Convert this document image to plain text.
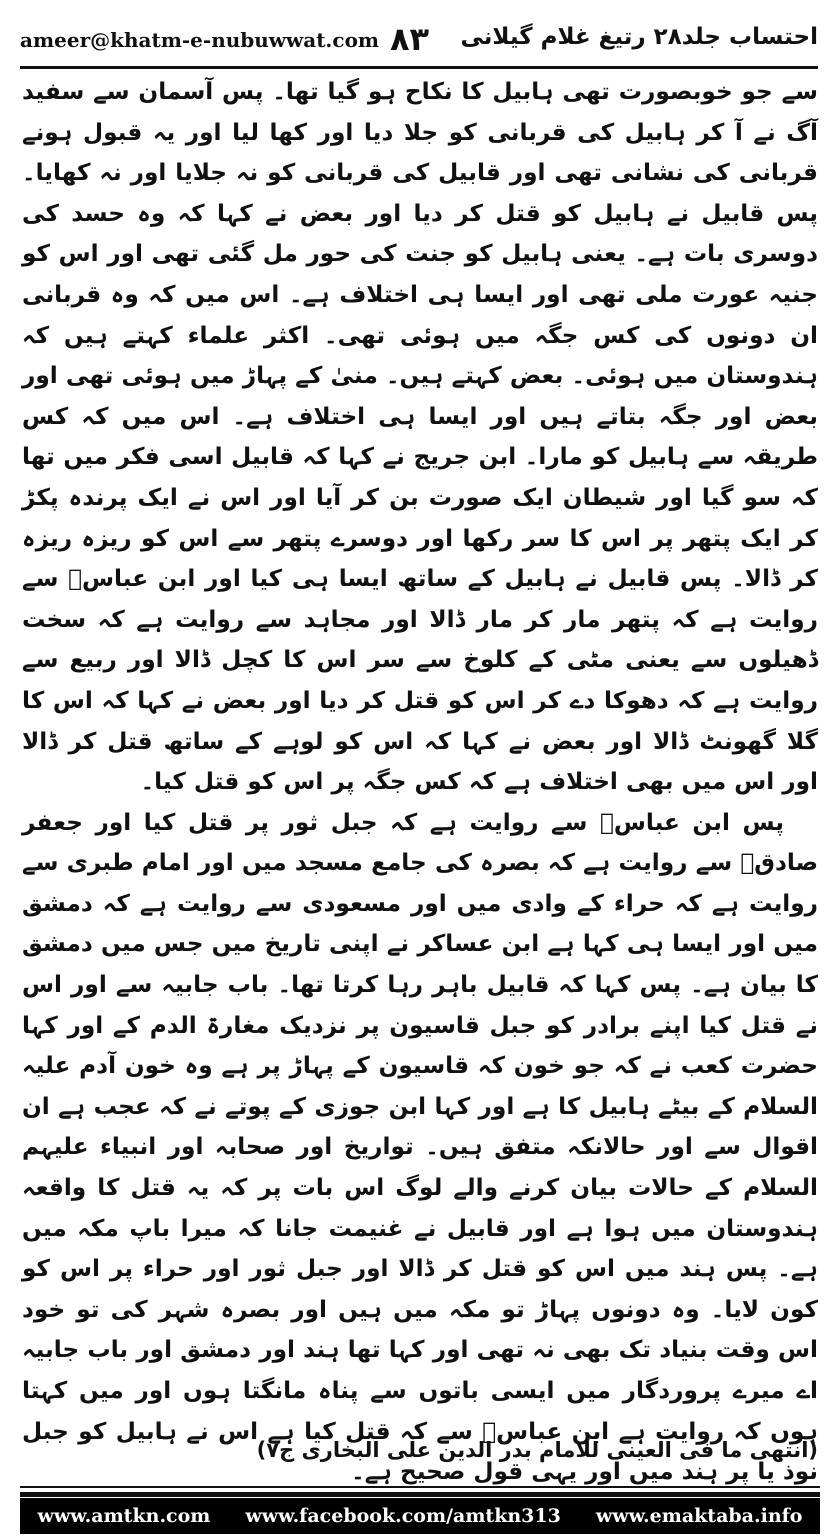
ameer@khatm-e-nubuwwat.com ۸۳ احتساب جلد۲۸ رتیغ غلام گیلانی

سے جو خوبصورت تھی ہابیل کا نکاح ہو گیا تھا۔ پس آسمان سے سفید آگ نے آ کر ہابیل کی قربانی کو جلا دیا اور کھا لیا اور یہ قبول ہونے قربانی کی نشانی تھی اور قابیل کی قربانی کو نہ جلایا اور نہ کھایا۔ پس قابیل نے ہابیل کو قتل کر دیا اور بعض نے کہا کہ وہ حسد کی دوسری بات ہے۔ یعنی ہابیل کو جنت کی حور مل گئی تھی اور اس کو جنیہ عورت ملی تھی اور ایسا ہی اختلاف ہے۔ اس میں کہ وہ قربانی ان دونوں کی کس جگہ میں ہوئی تھی۔ اکثر علماء کہتے ہیں کہ ہندوستان میں ہوئی۔ بعض کہتے ہیں۔ منیٰ کے پہاڑ میں ہوئی تھی اور بعض اور جگہ بتاتے ہیں اور ایسا ہی اختلاف ہے۔ اس میں کہ کس طریقہ سے ہابیل کو مارا۔ ابن جریج نے کہا کہ قابیل اسی فکر میں تھا کہ سو گیا اور شیطان ایک صورت بن کر آیا اور اس نے ایک پرندہ پکڑ کر ایک پتھر پر اس کا سر رکھا اور دوسرے پتھر سے اس کو ریزہ ریزہ کر ڈالا۔ پس قابیل نے ہابیل کے ساتھ ایسا ہی کیا اور ابن عباسؓ سے روایت ہے کہ پتھر مار کر مار ڈالا اور مجاہد سے روایت ہے کہ سخت ڈھیلوں سے یعنی مٹی کے کلوخ سے سر اس کا کچل ڈالا اور ربیع سے روایت ہے کہ دھوکا دے کر اس کو قتل کر دیا اور بعض نے کہا کہ اس کا گلا گھونٹ ڈالا اور بعض نے کہا کہ اس کو لوہے کے ساتھ قتل کر ڈالا اور اس میں بھی اختلاف ہے کہ کس جگہ پر اس کو قتل کیا۔

پس ابن عباسؓ سے روایت ہے کہ جبل ثور پر قتل کیا اور جعفر صادقؒ سے روایت ہے کہ بصرہ کی جامع مسجد میں اور امام طبری سے روایت ہے کہ حراء کے وادی میں اور مسعودی سے روایت ہے کہ دمشق میں اور ایسا ہی کہا ہے ابن عساکر نے اپنی تاریخ میں جس میں دمشق کا بیان ہے۔ پس کہا کہ قابیل باہر رہا کرتا تھا۔ باب جابیہ سے اور اس نے قتل کیا اپنے برادر کو جبل قاسیون پر نزدیک مغارۃ الدم کے اور کہا حضرت کعب نے کہ جو خون کہ قاسیون کے پہاڑ پر ہے وہ خون آدم علیہ السلام کے بیٹے ہابیل کا ہے اور کہا ابن جوزی کے پوتے نے کہ عجب ہے ان اقوال سے اور حالانکہ متفق ہیں۔ تواریخ اور صحابہ اور انبیاء علیہم السلام کے حالات بیان کرنے والے لوگ اس بات پر کہ یہ قتل کا واقعہ ہندوستان میں ہوا ہے اور قابیل نے غنیمت جانا کہ میرا باپ مکہ میں ہے۔ پس ہند میں اس کو قتل کر ڈالا اور جبل ثور اور حراء پر اس کو کون لایا۔ وہ دونوں پہاڑ تو مکہ میں ہیں اور بصرہ شہر کی تو خود اس وقت بنیاد تک بھی نہ تھی اور کہا تھا ہند اور دمشق اور باب جابیہ اے میرے پروردگار میں ایسی باتوں سے پناہ مانگتا ہوں اور میں کہتا ہوں کہ روایت ہے ابن عباسؓ سے کہ قتل کیا ہے اس نے ہابیل کو جبل نوذ یا پر ہند میں اور یہی قول صحیح ہے۔

(انتھی ما فی العینی للامام بدر الدین علی البخاری ج۷)
www.amtkn.com www.facebook.com/amtkn313 www.emaktaba.info
